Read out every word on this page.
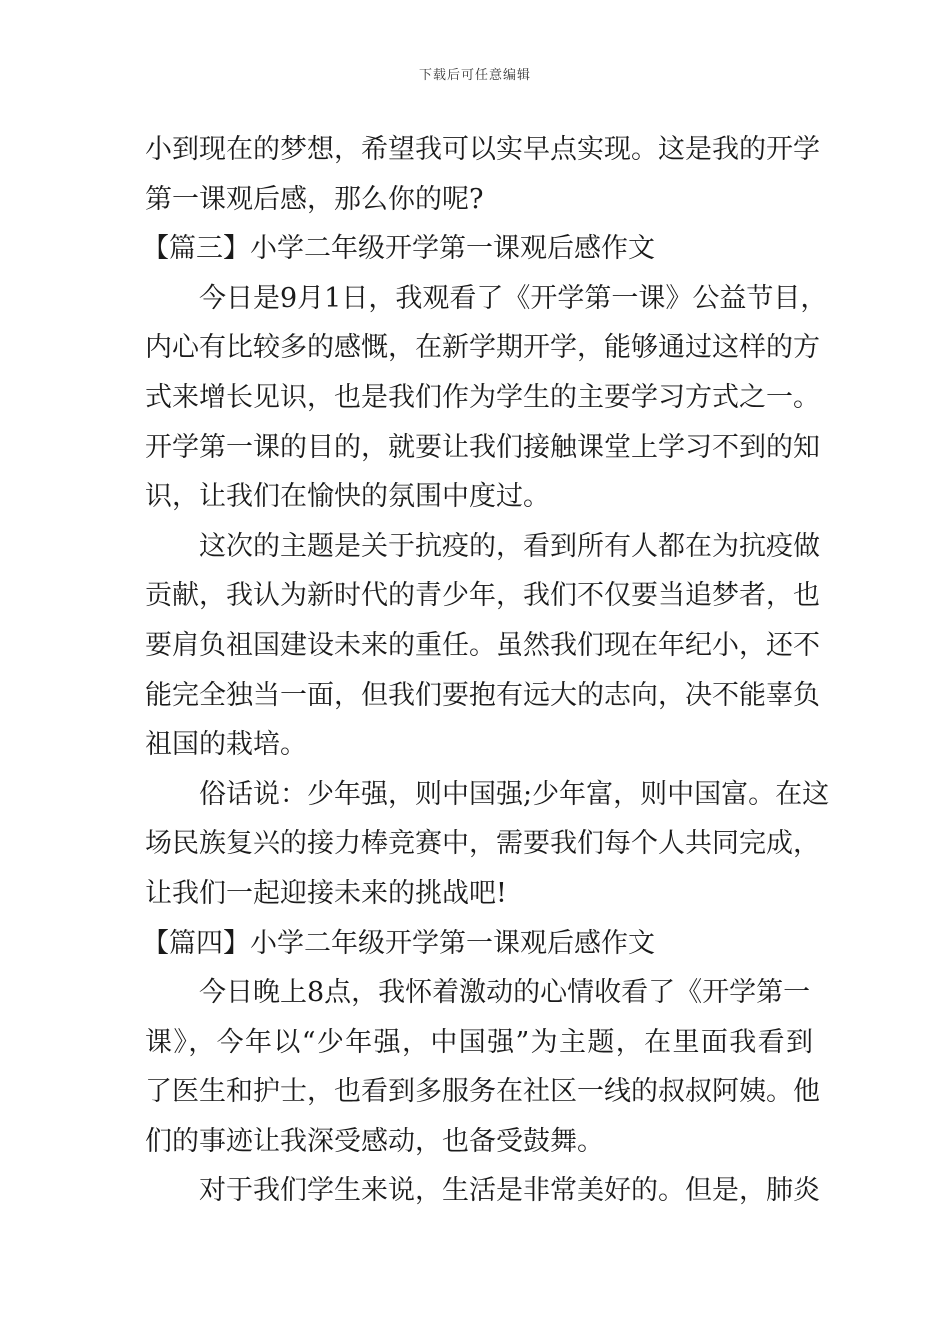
下载后可任意编辑
小到现在的梦想，希望我可以实早点实现。这是我的开学
第一课观后感，那么你的呢?
【篇三】小学二年级开学第一课观后感作文
今日是9月1日，我观看了《开学第一课》公益节目，
内心有比较多的感慨，在新学期开学，能够通过这样的方
式来增长见识，也是我们作为学生的主要学习方式之一。
开学第一课的目的，就要让我们接触课堂上学习不到的知
识，让我们在愉快的氛围中度过。
这次的主题是关于抗疫的，看到所有人都在为抗疫做
贡献，我认为新时代的青少年，我们不仅要当追梦者，也
要肩负祖国建设未来的重任。虽然我们现在年纪小，还不
能完全独当一面，但我们要抱有远大的志向，决不能辜负
祖国的栽培。
俗话说：少年强，则中国强;少年富，则中国富。在这
场民族复兴的接力棒竞赛中，需要我们每个人共同完成，
让我们一起迎接未来的挑战吧!
【篇四】小学二年级开学第一课观后感作文
今日晚上8点，我怀着激动的心情收看了《开学第一
课》，今年以“少年强，中国强”为主题，在里面我看到
了医生和护士，也看到多服务在社区一线的叔叔阿姨。他
们的事迹让我深受感动，也备受鼓舞。
对于我们学生来说，生活是非常美好的。但是，肺炎
